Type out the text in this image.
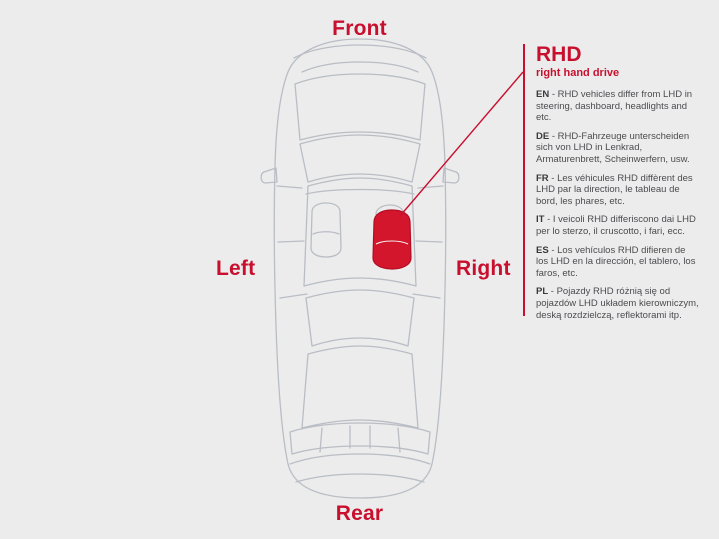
Front
Rear
Left	Right
RHD
right hand drive
EN - RHD vehicles differ from LHD in steering, dashboard, headlights and etc.
DE - RHD-Fahrzeuge unterscheiden sich von LHD in Lenkrad, Armaturenbrett, Scheinwerfern, usw.
FR - Les véhicules RHD diffèrent des LHD par la direction, le tableau de bord, les phares, etc.
IT - I veicoli RHD differiscono dai LHD per lo sterzo, il cruscotto, i fari, ecc.
ES - Los vehículos RHD difieren de los LHD en la dirección, el tablero, los faros, etc.
PL - Pojazdy RHD różnią się od pojazdów LHD układem kierowniczym, deską rozdzielczą, reflektorami itp.
